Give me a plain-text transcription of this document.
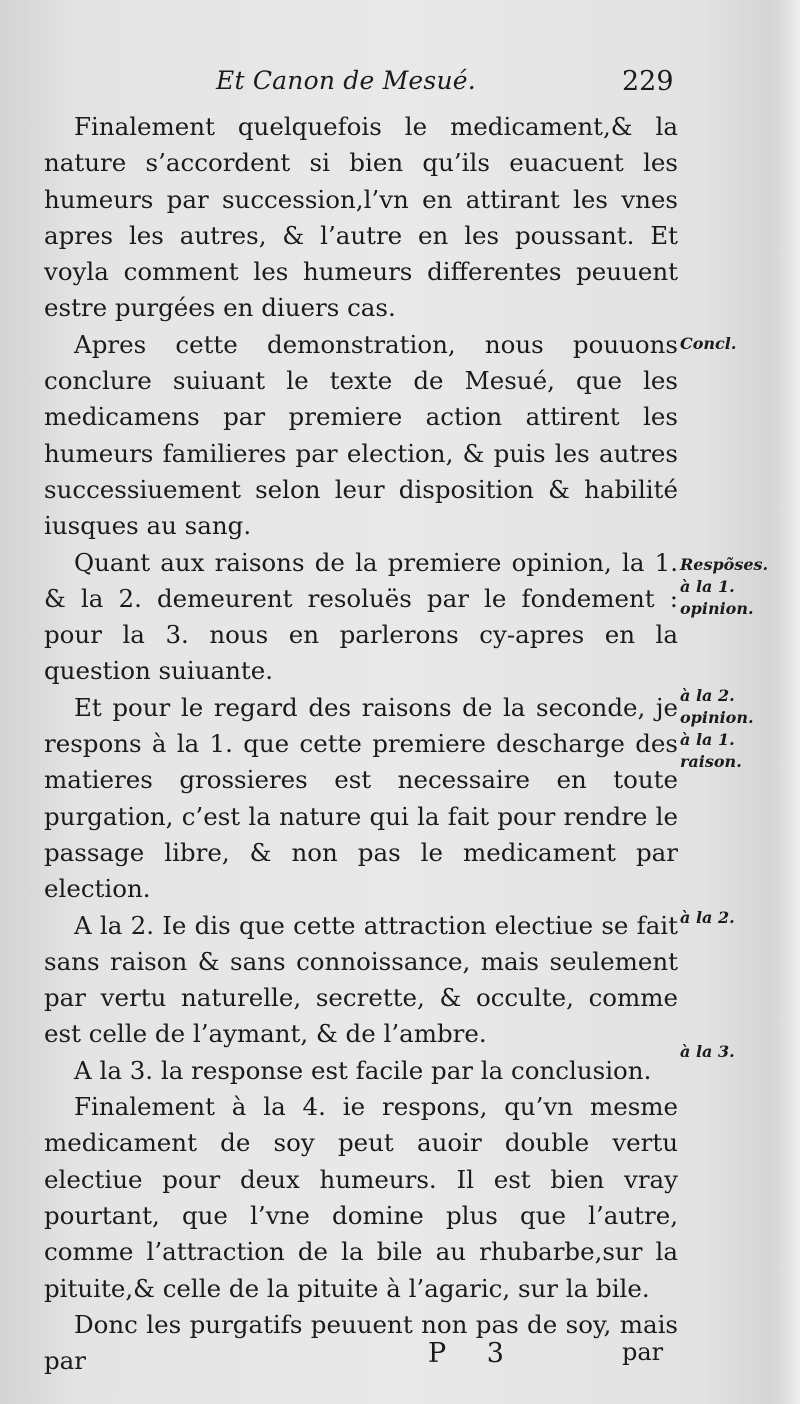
Et Canon de Mesué.	229

Finalement quelquefois le medicament,& la nature s’accordent si bien qu’ils euacuent les humeurs par succession,l’vn en attirant les vnes apres les autres, & l’autre en les poussant. Et voyla comment les humeurs differentes peuuent estre purgées en diuers cas.

Apres cette demonstration, nous pouuons conclure suiuant le texte de Mesué, que les medicamens par premiere action attirent les humeurs familieres par election, & puis les autres successiuement selon leur disposition & habilité iusques au sang.

Quant aux raisons de la premiere opinion, la 1. & la 2. demeurent resoluës par le fondement : pour la 3. nous en parlerons cy-apres en la question suiuante.

Et pour le regard des raisons de la seconde, je respons à la 1. que cette premiere descharge des matieres grossieres est necessaire en toute purgation, c’est la nature qui la fait pour rendre le passage libre, & non pas le medicament par election.

A la 2. Ie dis que cette attraction electiue se fait sans raison & sans connoissance, mais seulement par vertu naturelle, secrette, & occulte, comme est celle de l’aymant, & de l’ambre.

A la 3. la response est facile par la conclusion.

Finalement à la 4. ie respons, qu’vn mesme medicament de soy peut auoir double vertu electiue pour deux humeurs. Il est bien vray pourtant, que l’vne domine plus que l’autre, comme l’attraction de la bile au rhubarbe,sur la pituite,& celle de la pituite à l’agaric, sur la bile.

Donc les purgatifs peuuent non pas de soy, mais par

Concl.
Respõses.
à la 1.
opinion.
à la 2.
opinion.
à la 1.
raison.
à la 2.
à la 3.
P 3	par
